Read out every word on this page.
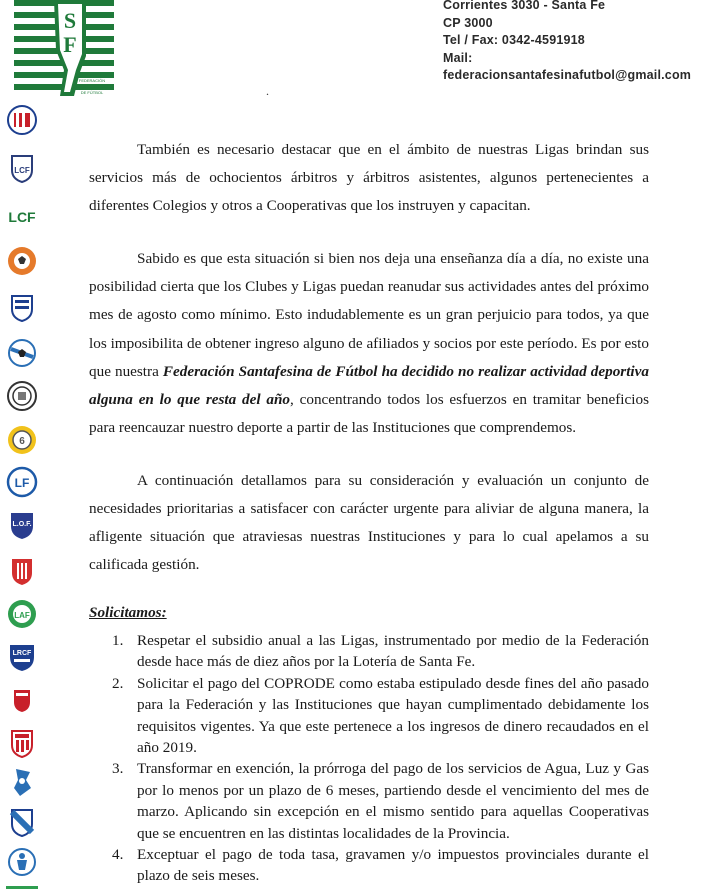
S
F
FEDERACIÓN
SANTAFESINA
DE FÚTBOL
Corrientes 3030 - Santa Fe
CP 3000
Tel / Fax: 0342-4591918
Mail:
federacionsantafesinafutbol@gmail.com
.
LCF
LCF
6
LF
L.O.F.
LAF
LRCF

También es necesario destacar que en el ámbito de nuestras Ligas brindan sus servicios más de ochocientos árbitros y árbitros asistentes, algunos pertenecientes a diferentes Colegios y otros a Cooperativas que los instruyen y capacitan.

Sabido es que esta situación si bien nos deja una enseñanza día a día, no existe una posibilidad cierta que los Clubes y Ligas puedan reanudar sus actividades antes del próximo mes de agosto como mínimo. Esto indudablemente es un gran perjuicio para todos, ya que los imposibilita de obtener ingreso alguno de afiliados y socios por este período. Es por esto que nuestra Federación Santafesina de Fútbol ha decidido no realizar actividad deportiva alguna en lo que resta del año, concentrando todos los esfuerzos en tramitar beneficios para reencauzar nuestro deporte a partir de las Instituciones que comprendemos.

A continuación detallamos para su consideración y evaluación un conjunto de necesidades prioritarias a satisfacer con carácter urgente para aliviar de alguna manera, la afligente situación que atraviesas nuestras Instituciones y para lo cual apelamos a su calificada gestión.

Solicitamos:
1. Respetar el subsidio anual a las Ligas, instrumentado por medio de la Federación desde hace más de diez años por la Lotería de Santa Fe.
2. Solicitar el pago del COPRODE como estaba estipulado desde fines del año pasado para la Federación y las Instituciones que hayan cumplimentado debidamente los requisitos vigentes. Ya que este pertenece a los ingresos de dinero recaudados en el año 2019.
3. Transformar en exención, la prórroga del pago de los servicios de Agua, Luz y Gas por lo menos por un plazo de 6 meses, partiendo desde el vencimiento del mes de marzo. Aplicando sin excepción en el mismo sentido para aquellas Cooperativas que se encuentren en las distintas localidades de la Provincia.
4. Exceptuar el pago de toda tasa, gravamen y/o impuestos provinciales durante el plazo de seis meses.
